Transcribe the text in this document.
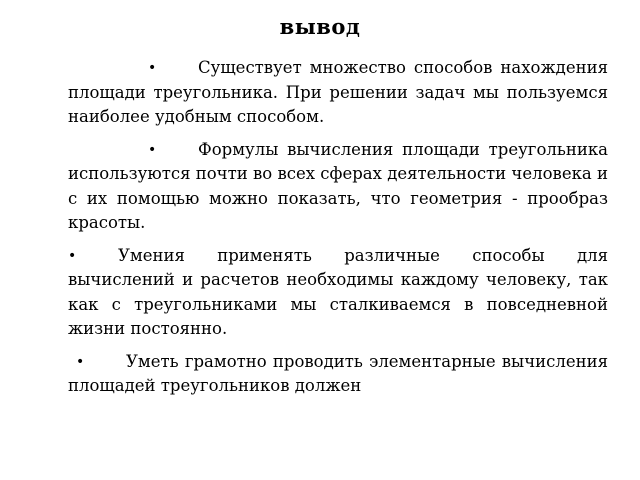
вывод
•	Существует множество способов нахождения площади треугольника. При решении задач мы пользуемся наиболее удобным способом.
•	Формулы вычисления площади треугольника используются почти во всех сферах деятельности человека и с их помощью можно показать, что геометрия - прообраз красоты.
•	Умения применять различные способы для вычислений и расчетов необходимы каждому человеку, так как с треугольниками мы сталкиваемся в повседневной жизни постоянно.
•	Уметь грамотно проводить элементарные вычисления площадей треугольников должен
